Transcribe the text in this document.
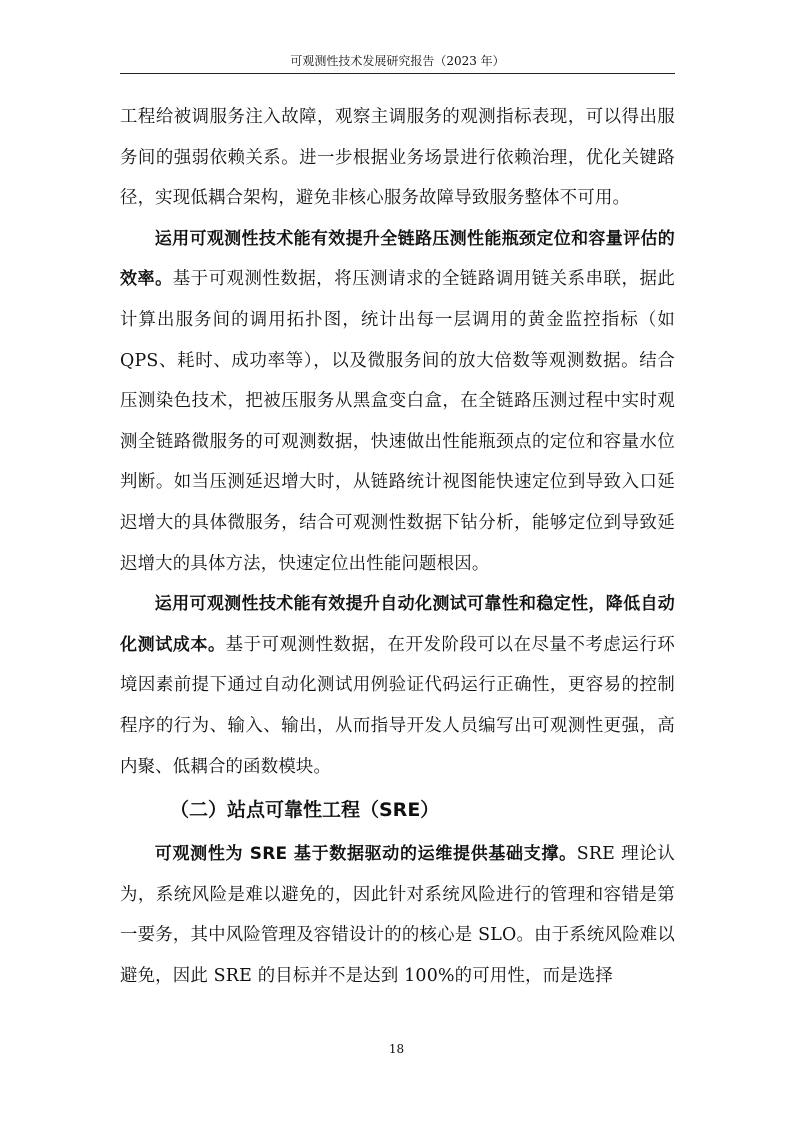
可观测性技术发展研究报告（2023 年）

工程给被调服务注入故障，观察主调服务的观测指标表现，可以得出服务间的强弱依赖关系。进一步根据业务场景进行依赖治理，优化关键路径，实现低耦合架构，避免非核心服务故障导致服务整体不可用。

运用可观测性技术能有效提升全链路压测性能瓶颈定位和容量评估的效率。基于可观测性数据，将压测请求的全链路调用链关系串联，据此计算出服务间的调用拓扑图，统计出每一层调用的黄金监控指标（如 QPS、耗时、成功率等），以及微服务间的放大倍数等观测数据。结合压测染色技术，把被压服务从黑盒变白盒，在全链路压测过程中实时观测全链路微服务的可观测数据，快速做出性能瓶颈点的定位和容量水位判断。如当压测延迟增大时，从链路统计视图能快速定位到导致入口延迟增大的具体微服务，结合可观测性数据下钻分析，能够定位到导致延迟增大的具体方法，快速定位出性能问题根因。

运用可观测性技术能有效提升自动化测试可靠性和稳定性，降低自动化测试成本。基于可观测性数据，在开发阶段可以在尽量不考虑运行环境因素前提下通过自动化测试用例验证代码运行正确性，更容易的控制程序的行为、输入、输出，从而指导开发人员编写出可观测性更强，高内聚、低耦合的函数模块。

（二）站点可靠性工程（SRE）

可观测性为 SRE 基于数据驱动的运维提供基础支撑。SRE 理论认为，系统风险是难以避免的，因此针对系统风险进行的管理和容错是第一要务，其中风险管理及容错设计的的核心是 SLO。由于系统风险难以避免，因此 SRE 的目标并不是达到 100%的可用性，而是选择

18
